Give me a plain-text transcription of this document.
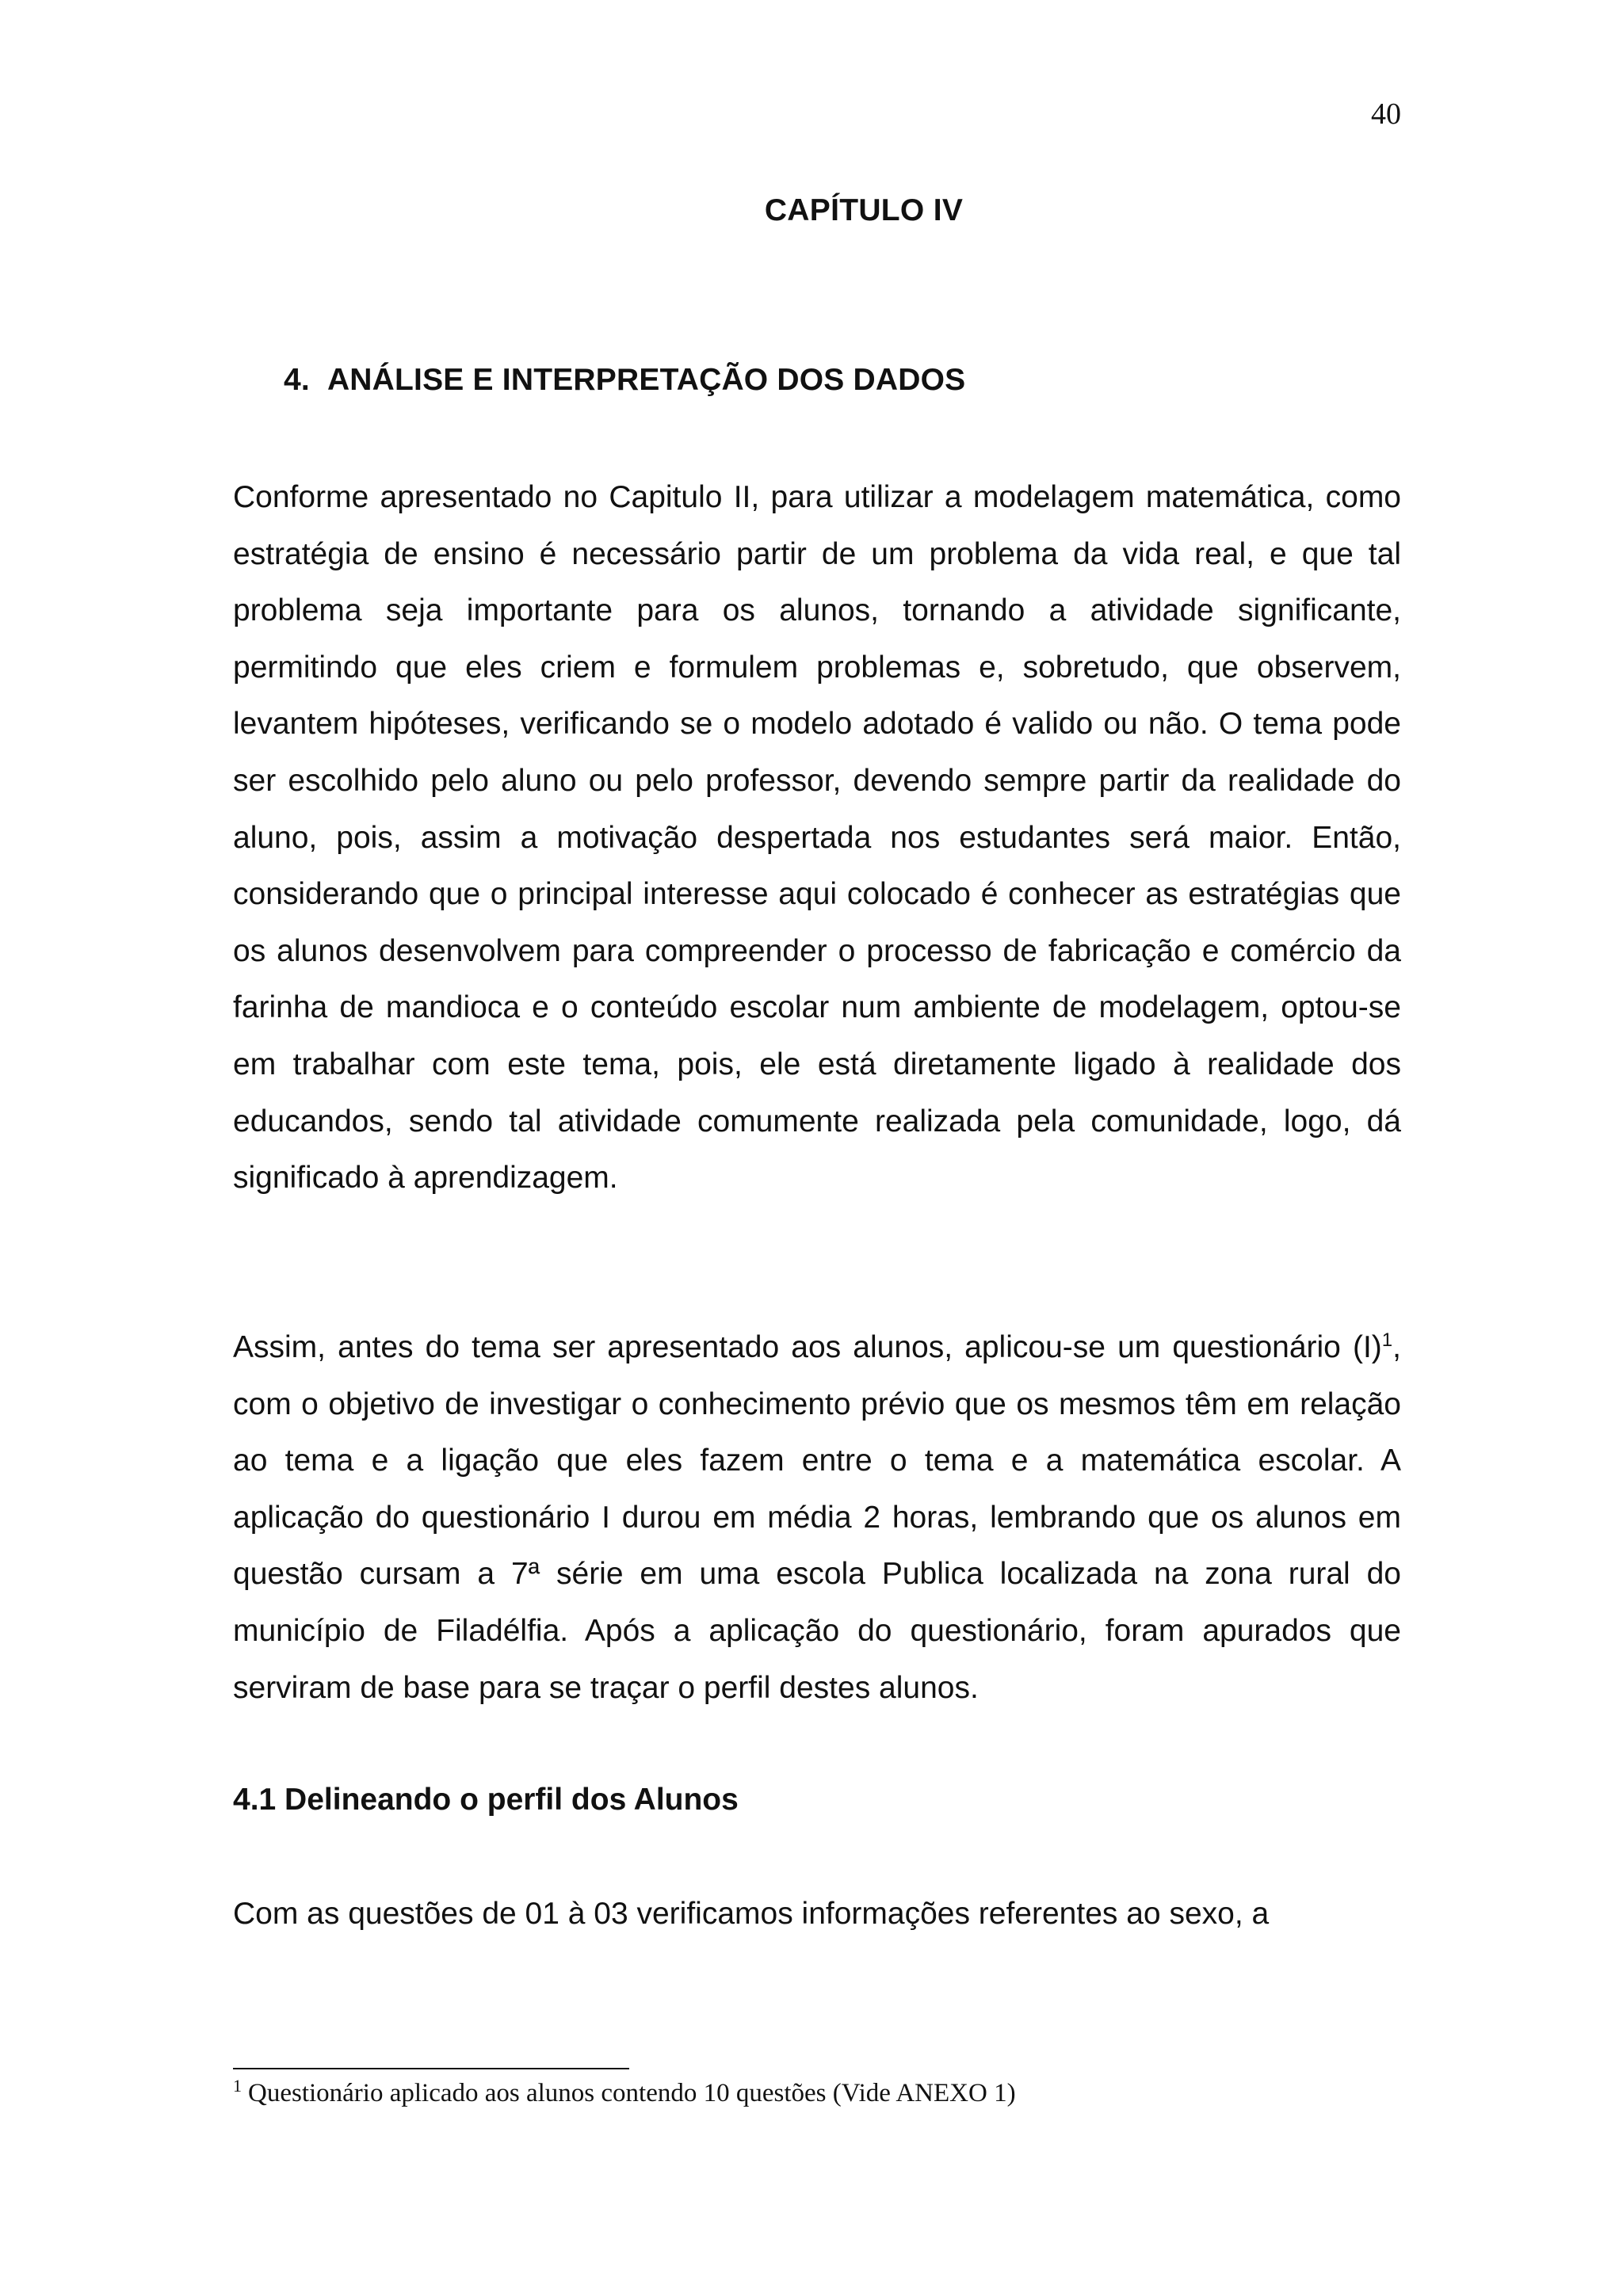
40
CAPÍTULO IV
4. ANÁLISE E INTERPRETAÇÃO DOS DADOS

Conforme apresentado no Capitulo II, para utilizar a modelagem matemática, como estratégia de ensino é necessário partir de um problema da vida real, e que tal problema seja importante para os alunos, tornando a atividade significante, permitindo que eles criem e formulem problemas e, sobretudo, que observem, levantem hipóteses, verificando se o modelo adotado é valido ou não. O tema pode ser escolhido pelo aluno ou pelo professor, devendo sempre partir da realidade do aluno, pois, assim a motivação despertada nos estudantes será maior. Então, considerando que o principal interesse aqui colocado é conhecer as estratégias que os alunos desenvolvem para compreender o processo de fabricação e comércio da farinha de mandioca e o conteúdo escolar num ambiente de modelagem, optou-se em trabalhar com este tema, pois, ele está diretamente ligado à realidade dos educandos, sendo tal atividade comumente realizada pela comunidade, logo, dá significado à aprendizagem.

Assim, antes do tema ser apresentado aos alunos, aplicou-se um questionário $(I)^1$, com o objetivo de investigar o conhecimento prévio que os mesmos têm em relação ao tema e a ligação que eles fazem entre o tema e a matemática escolar. A aplicação do questionário I durou em média 2 horas, lembrando que os alunos em questão cursam a 7ª série em uma escola Publica localizada na zona rural do município de Filadélfia. Após a aplicação do questionário, foram apurados que serviram de base para se traçar o perfil destes alunos.

4.1 Delineando o perfil dos Alunos

Com as questões de 01 à 03 verificamos informações referentes ao sexo, a

$^1$ Questionário aplicado aos alunos contendo 10 questões (Vide ANEXO 1)
